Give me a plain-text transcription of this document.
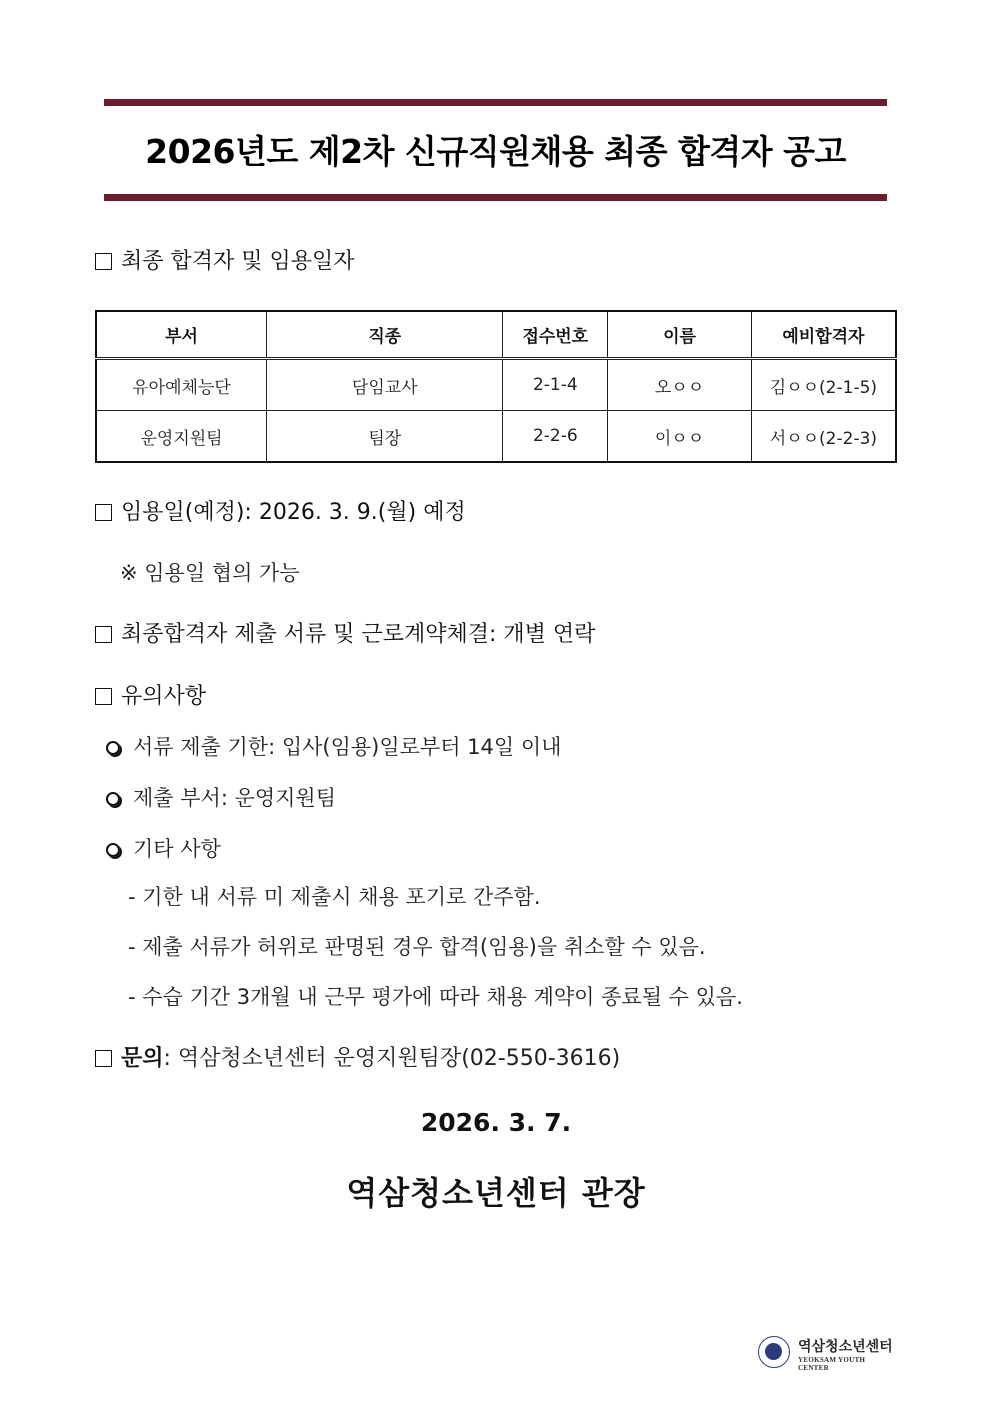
2026년도 제2차 신규직원채용 최종 합격자 공고
최종 합격자 및 임용일자
부서	직종	접수번호	이름	예비합격자
유아예체능단	담임교사	2-1-4	오ㅇㅇ	김ㅇㅇ(2-1-5)
운영지원팀	팀장	2-2-6	이ㅇㅇ	서ㅇㅇ(2-2-3)
임용일(예정): 2026. 3. 9.(월) 예정
※ 임용일 협의 가능
최종합격자 제출 서류 및 근로계약체결: 개별 연락
유의사항
서류 제출 기한: 입사(임용)일로부터 14일 이내
제출 부서: 운영지원팀
기타 사항
- 기한 내 서류 미 제출시 채용 포기로 간주함.
- 제출 서류가 허위로 판명된 경우 합격(임용)을 취소할 수 있음.
- 수습 기간 3개월 내 근무 평가에 따라 채용 계약이 종료될 수 있음.
문의: 역삼청소년센터 운영지원팀장(02-550-3616)
2026. 3. 7.
역삼청소년센터 관장
역삼청소년센터
YEOKSAM YOUTH CENTER
